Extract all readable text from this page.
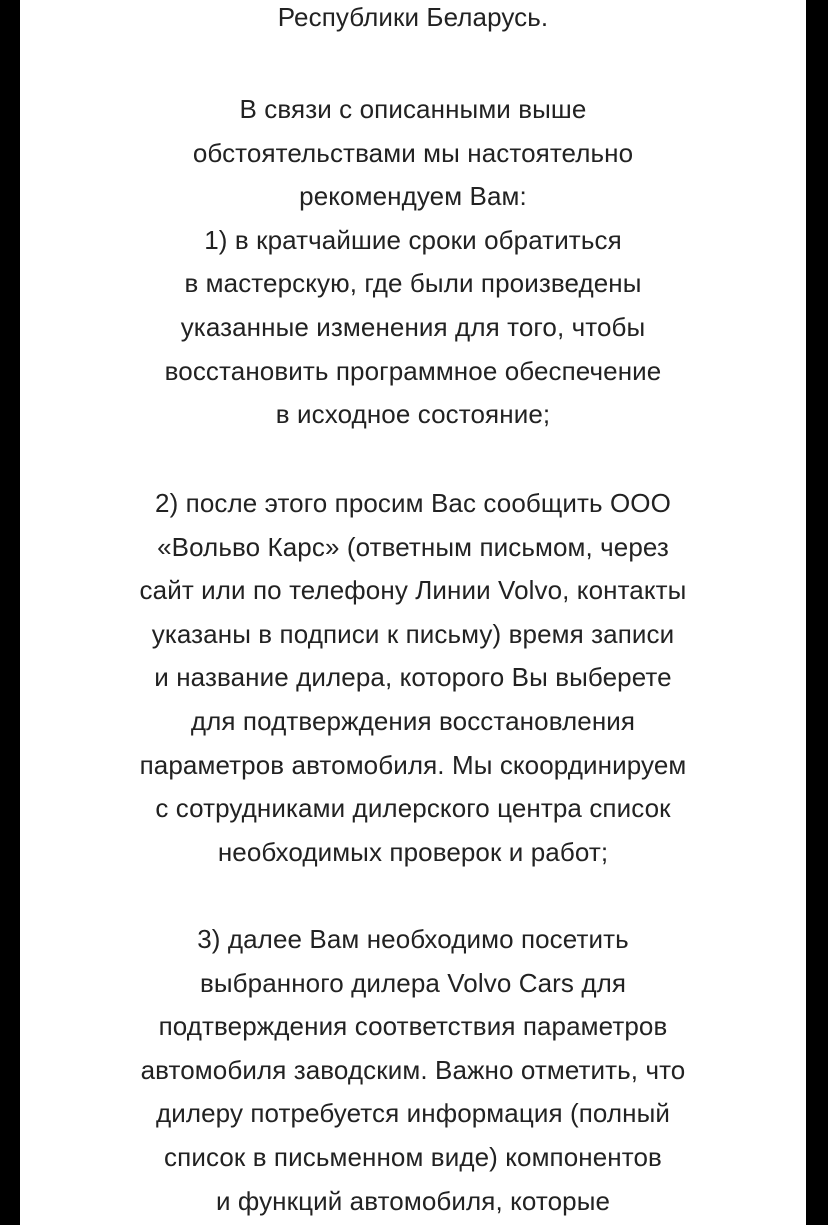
Республики Беларусь.
В связи с описанными выше
обстоятельствами мы настоятельно
рекомендуем Вам:
1) в кратчайшие сроки обратиться
в мастерскую, где были произведены
указанные изменения для того, чтобы
восстановить программное обеспечение
в исходное состояние;
2) после этого просим Вас сообщить ООО
«Вольво Карс» (ответным письмом, через
сайт или по телефону Линии Volvo, контакты
указаны в подписи к письму) время записи
и название дилера, которого Вы выберете
для подтверждения восстановления
параметров автомобиля. Мы скоординируем
с сотрудниками дилерского центра список
необходимых проверок и работ;
3) далее Вам необходимо посетить
выбранного дилера Volvo Cars для
подтверждения соответствия параметров
автомобиля заводским. Важно отметить, что
дилеру потребуется информация (полный
список в письменном виде) компонентов
и функций автомобиля, которые
